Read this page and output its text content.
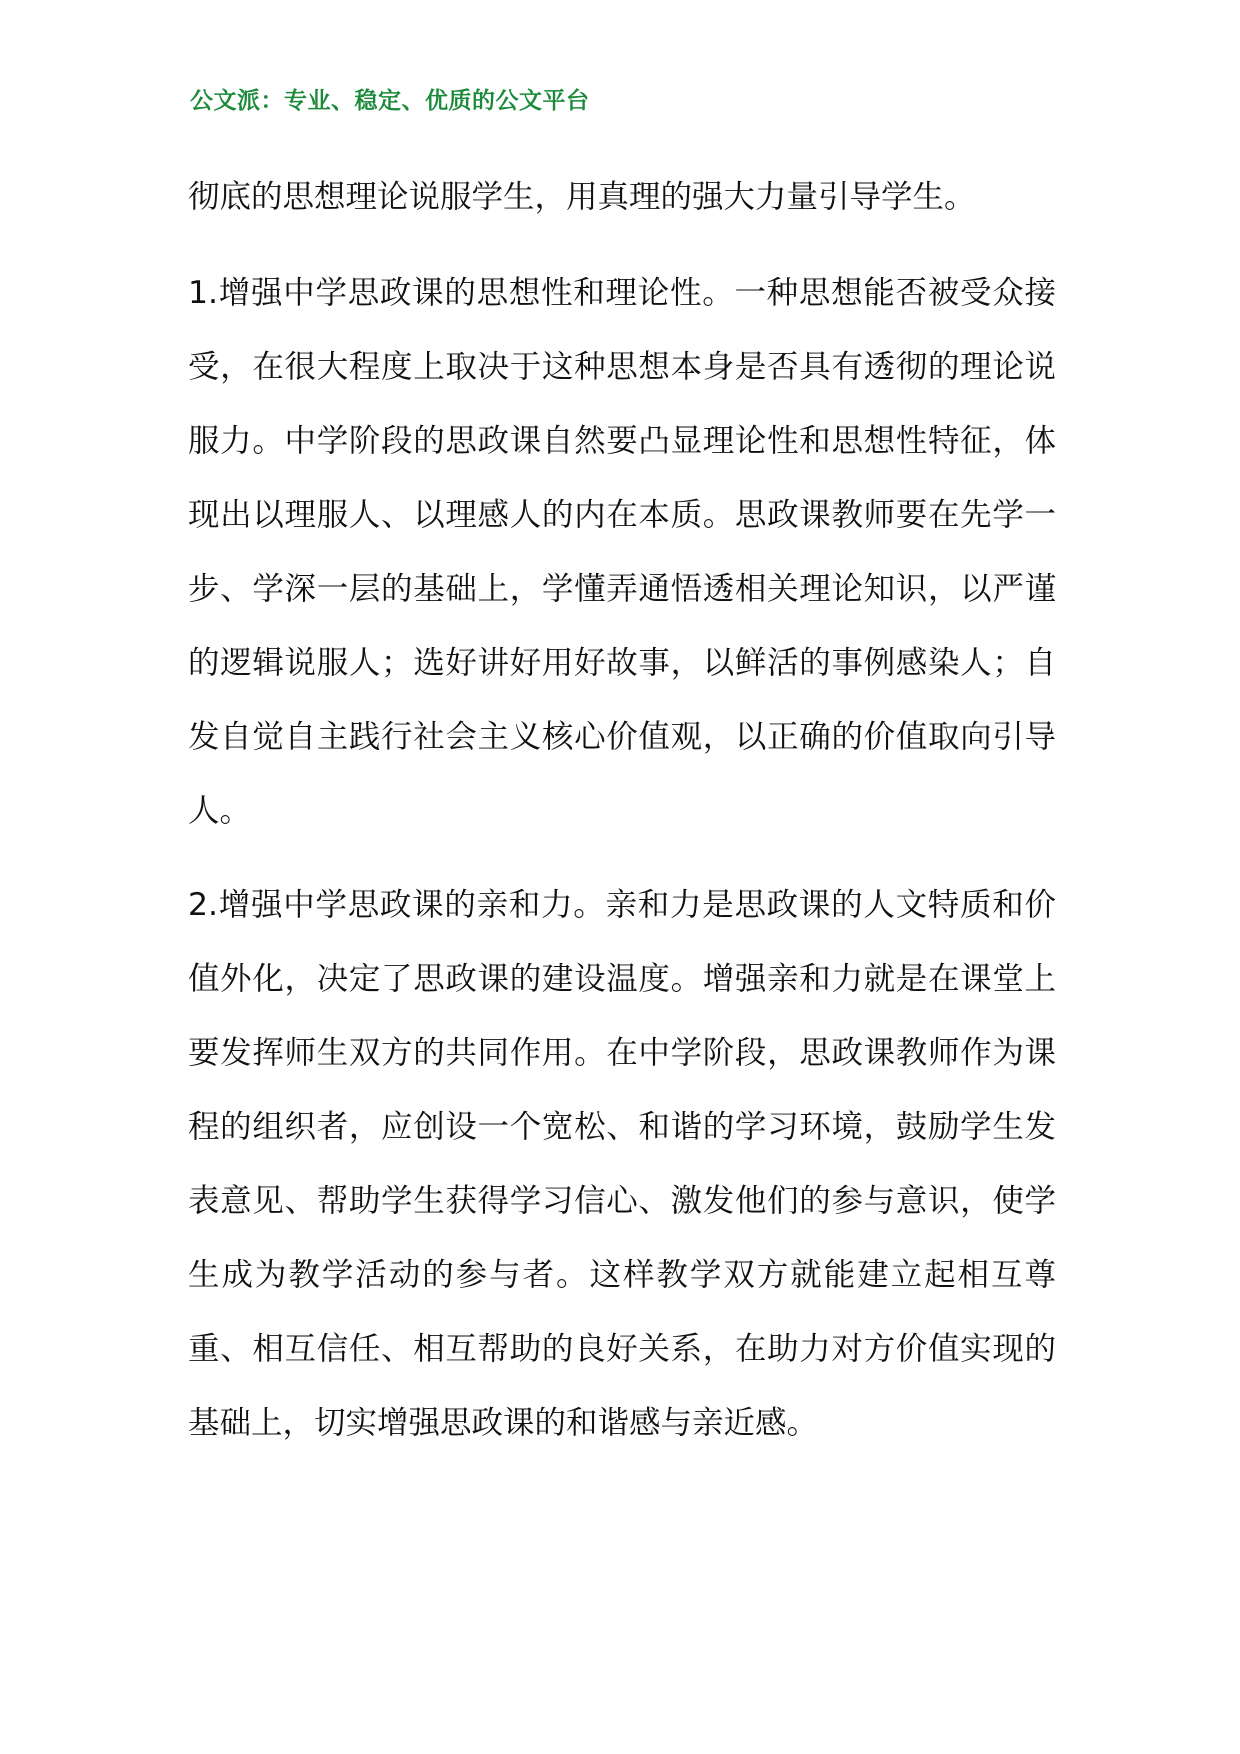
公文派：专业、稳定、优质的公文平台

彻底的思想理论说服学生，用真理的强大力量引导学生。

1.增强中学思政课的思想性和理论性。一种思想能否被受众接受，在很大程度上取决于这种思想本身是否具有透彻的理论说服力。中学阶段的思政课自然要凸显理论性和思想性特征，体现出以理服人、以理感人的内在本质。思政课教师要在先学一步、学深一层的基础上，学懂弄通悟透相关理论知识，以严谨的逻辑说服人；选好讲好用好故事，以鲜活的事例感染人；自发自觉自主践行社会主义核心价值观，以正确的价值取向引导人。

2.增强中学思政课的亲和力。亲和力是思政课的人文特质和价值外化，决定了思政课的建设温度。增强亲和力就是在课堂上要发挥师生双方的共同作用。在中学阶段，思政课教师作为课程的组织者，应创设一个宽松、和谐的学习环境，鼓励学生发表意见、帮助学生获得学习信心、激发他们的参与意识，使学生成为教学活动的参与者。这样教学双方就能建立起相互尊重、相互信任、相互帮助的良好关系，在助力对方价值实现的基础上，切实增强思政课的和谐感与亲近感。
